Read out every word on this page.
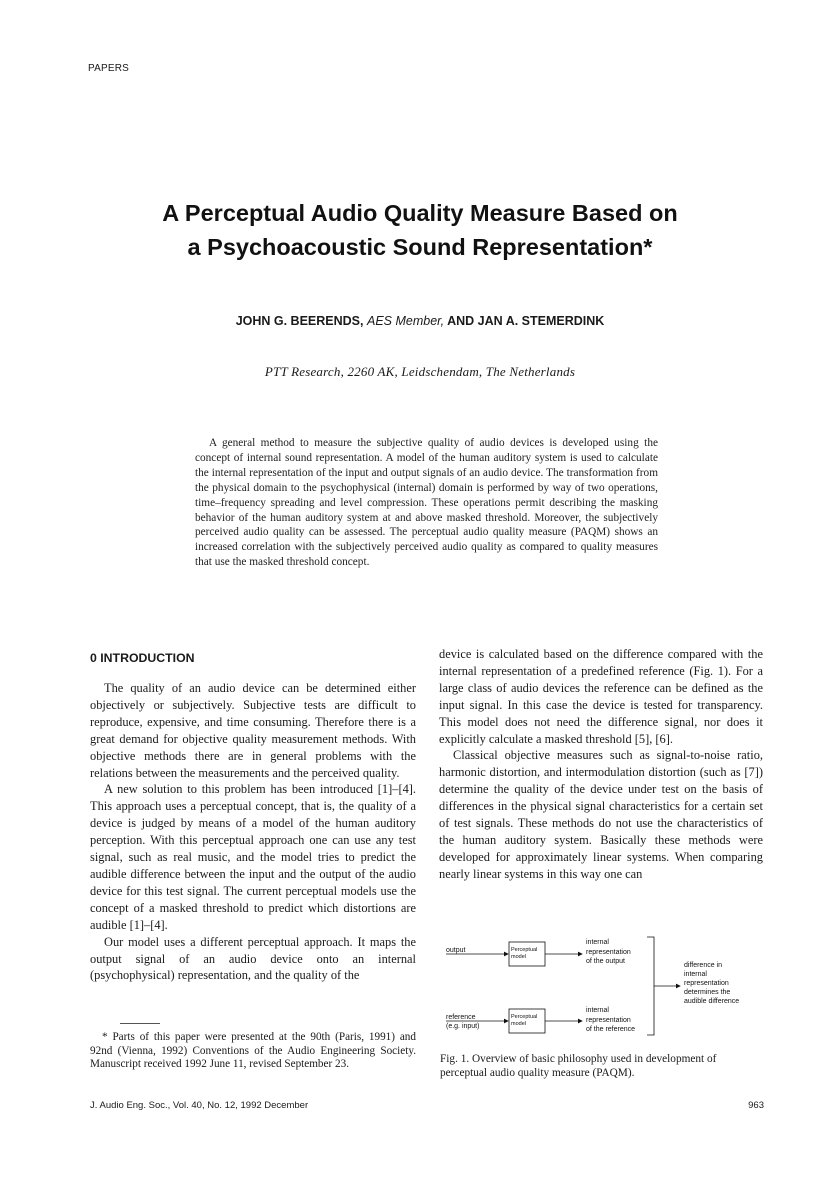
PAPERS
A Perceptual Audio Quality Measure Based on
a Psychoacoustic Sound Representation*
JOHN G. BEERENDS, AES Member, AND JAN A. STEMERDINK
PTT Research, 2260 AK, Leidschendam, The Netherlands
A general method to measure the subjective quality of audio devices is developed using the concept of internal sound representation. A model of the human auditory system is used to calculate the internal representation of the input and output signals of an audio device. The transformation from the physical domain to the psychophysical (internal) domain is performed by way of two operations, time–frequency spreading and level compression. These operations permit describing the masking behavior of the human auditory system at and above masked threshold. Moreover, the subjectively perceived audio quality can be assessed. The perceptual audio quality measure (PAQM) shows an increased correlation with the subjectively perceived audio quality as compared to quality measures that use the masked threshold concept.
0 INTRODUCTION

The quality of an audio device can be determined either objectively or subjectively. Subjective tests are difficult to reproduce, expensive, and time consuming. Therefore there is a great demand for objective quality measurement methods. With objective methods there are in general problems with the relations between the measurements and the perceived quality.

A new solution to this problem has been introduced [1]–[4]. This approach uses a perceptual concept, that is, the quality of a device is judged by means of a model of the human auditory perception. With this perceptual approach one can use any test signal, such as real music, and the model tries to predict the audible difference between the input and the output of the audio device for this test signal. The current perceptual models use the concept of a masked threshold to predict which distortions are audible [1]–[4].

Our model uses a different perceptual approach. It maps the output signal of an audio device onto an internal (psychophysical) representation, and the quality of the

device is calculated based on the difference compared with the internal representation of a predefined reference (Fig. 1). For a large class of audio devices the reference can be defined as the input signal. In this case the device is tested for transparency. This model does not need the difference signal, nor does it explicitly calculate a masked threshold [5], [6].

Classical objective measures such as signal-to-noise ratio, harmonic distortion, and intermodulation distortion (such as [7]) determine the quality of the device under test on the basis of differences in the physical signal characteristics for a certain set of test signals. These methods do not use the characteristics of the human auditory system. Basically these methods were developed for approximately linear systems. When comparing nearly linear systems in this way one can

* Parts of this paper were presented at the 90th (Paris, 1991) and 92nd (Vienna, 1992) Conventions of the Audio Engineering Society. Manuscript received 1992 June 11, revised September 23.
output	Perceptual
model
internal
representation
of the output
reference
(e.g. input)
Perceptual
model
internal
representation
of the reference
difference in
internal
representation
determines the
audible difference
Fig. 1. Overview of basic philosophy used in development of perceptual audio quality measure (PAQM).
J. Audio Eng. Soc., Vol. 40, No. 12, 1992 December	963
